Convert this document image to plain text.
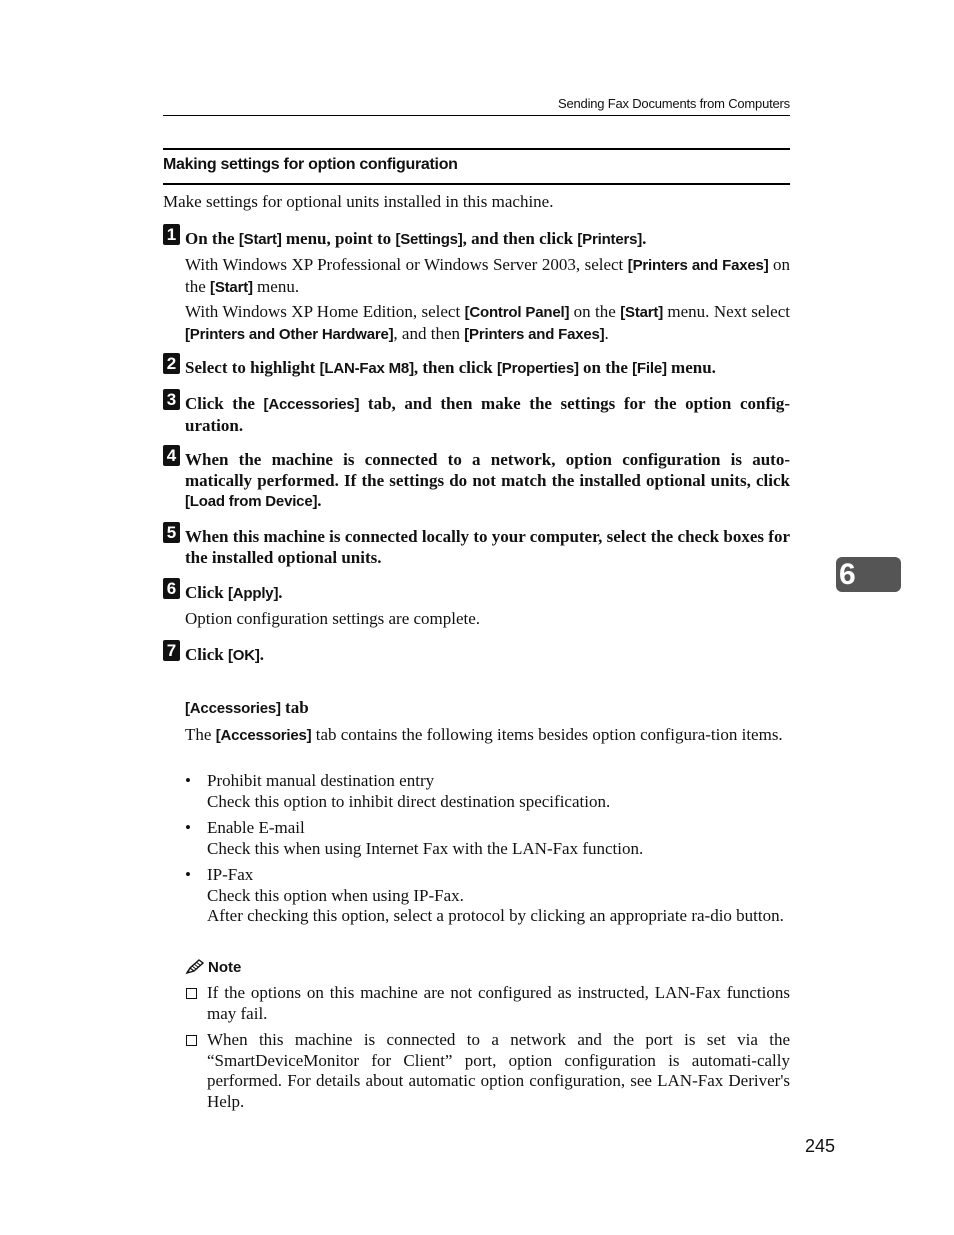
Sending Fax Documents from Computers
Making settings for option configuration
Make settings for optional units installed in this machine.
1 On the [Start] menu, point to [Settings], and then click [Printers].
With Windows XP Professional or Windows Server 2003, select [Printers and Faxes] on the [Start] menu.
With Windows XP Home Edition, select [Control Panel] on the [Start] menu. Next select [Printers and Other Hardware], and then [Printers and Faxes].
2 Select to highlight [LAN-Fax M8], then click [Properties] on the [File] menu.
3 Click the [Accessories] tab, and then make the settings for the option config-uration.
4 When the machine is connected to a network, option configuration is auto-matically performed. If the settings do not match the installed optional units, click [Load from Device].
5 When this machine is connected locally to your computer, select the check boxes for the installed optional units.
6 Click [Apply].
Option configuration settings are complete.
7 Click [OK].
[Accessories] tab
The [Accessories] tab contains the following items besides option configura-tion items.
• Prohibit manual destination entry
Check this option to inhibit direct destination specification.
• Enable E-mail
Check this when using Internet Fax with the LAN-Fax function.
• IP-Fax
Check this option when using IP-Fax.
After checking this option, select a protocol by clicking an appropriate ra-dio button.
Note
If the options on this machine are not configured as instructed, LAN-Fax functions may fail.
When this machine is connected to a network and the port is set via the “SmartDeviceMonitor for Client” port, option configuration is automati-cally performed. For details about automatic option configuration, see LAN-Fax Deriver's Help.
6
245
